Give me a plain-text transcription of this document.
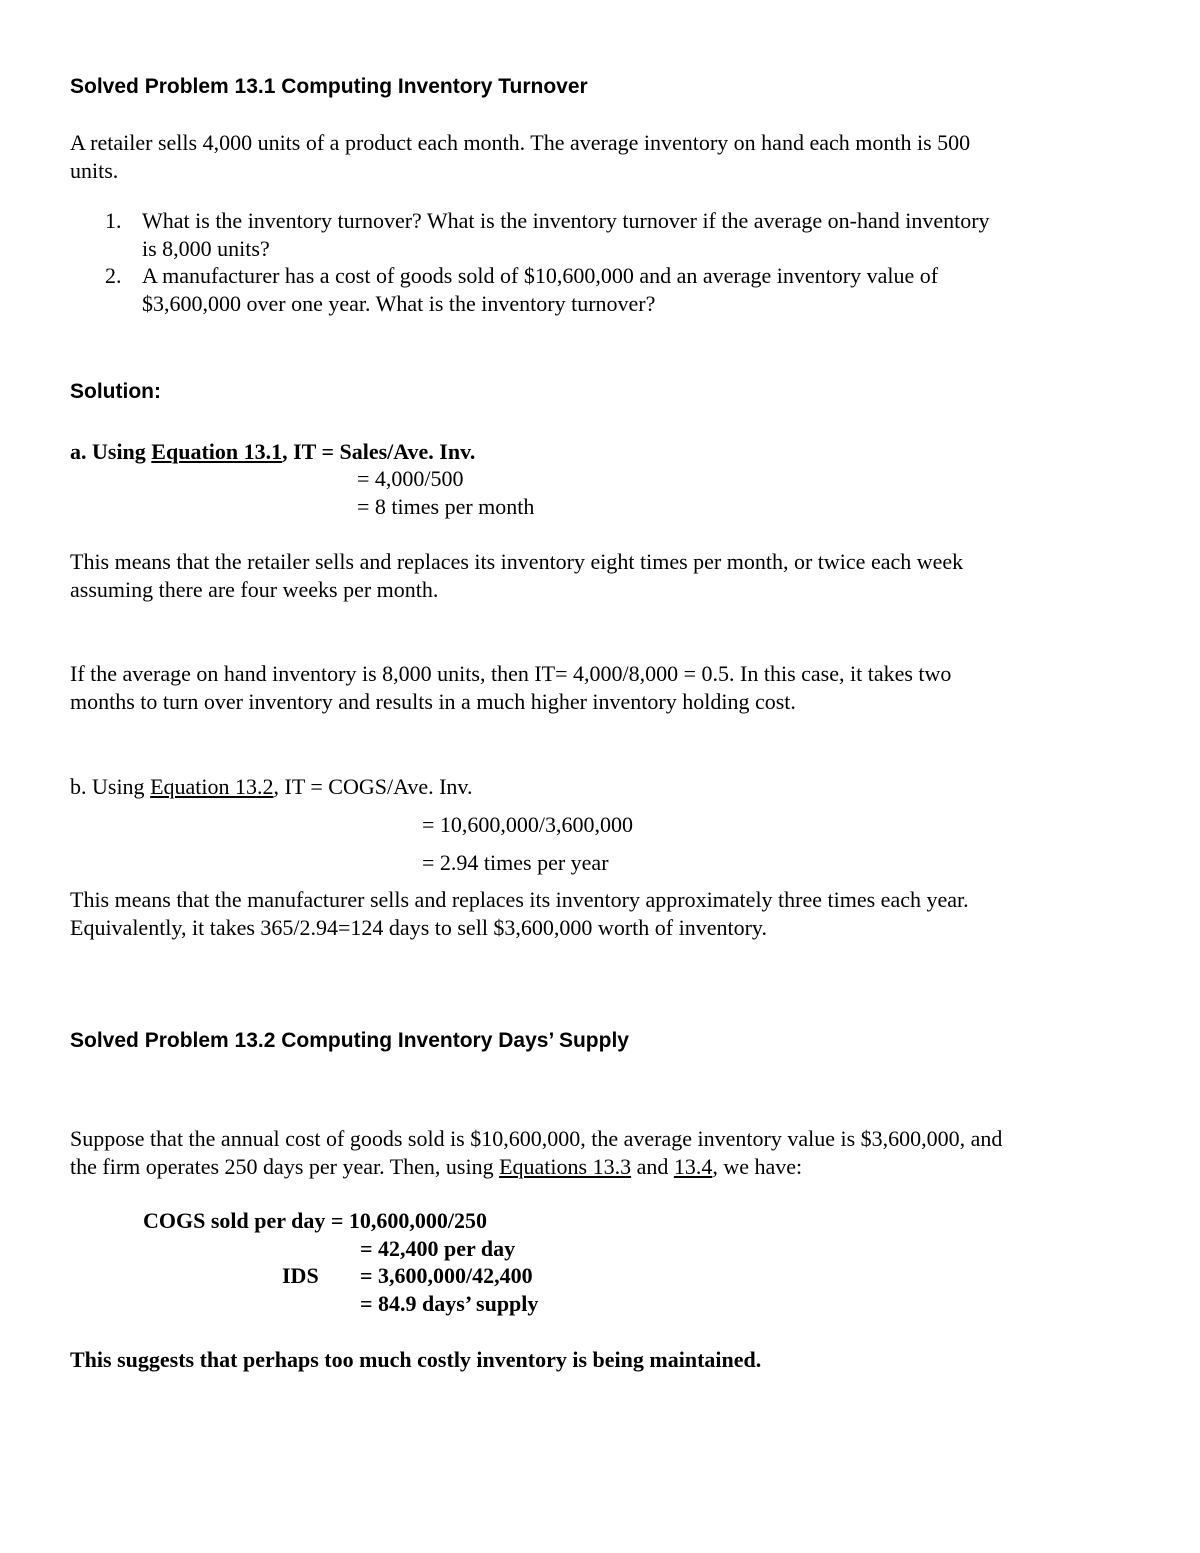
Solved Problem 13.1 Computing Inventory Turnover
A retailer sells 4,000 units of a product each month. The average inventory on hand each month is 500
units.
1. What is the inventory turnover? What is the inventory turnover if the average on-hand inventory
is 8,000 units?
2. A manufacturer has a cost of goods sold of $10,600,000 and an average inventory value of
$3,600,000 over one year. What is the inventory turnover?
Solution:
a. Using Equation 13.1, IT = Sales/Ave. Inv.
= 4,000/500
= 8 times per month
This means that the retailer sells and replaces its inventory eight times per month, or twice each week
assuming there are four weeks per month.
If the average on hand inventory is 8,000 units, then IT= 4,000/8,000 = 0.5. In this case, it takes two
months to turn over inventory and results in a much higher inventory holding cost.
b. Using Equation 13.2, IT = COGS/Ave. Inv.
= 10,600,000/3,600,000
= 2.94 times per year
This means that the manufacturer sells and replaces its inventory approximately three times each year.
Equivalently, it takes 365/2.94=124 days to sell $3,600,000 worth of inventory.
Solved Problem 13.2 Computing Inventory Days’ Supply
Suppose that the annual cost of goods sold is $10,600,000, the average inventory value is $3,600,000, and
the firm operates 250 days per year. Then, using Equations 13.3 and 13.4, we have:
COGS sold per day = 10,600,000/250
= 42,400 per day
IDS = 3,600,000/42,400
= 84.9 days’ supply
This suggests that perhaps too much costly inventory is being maintained.
